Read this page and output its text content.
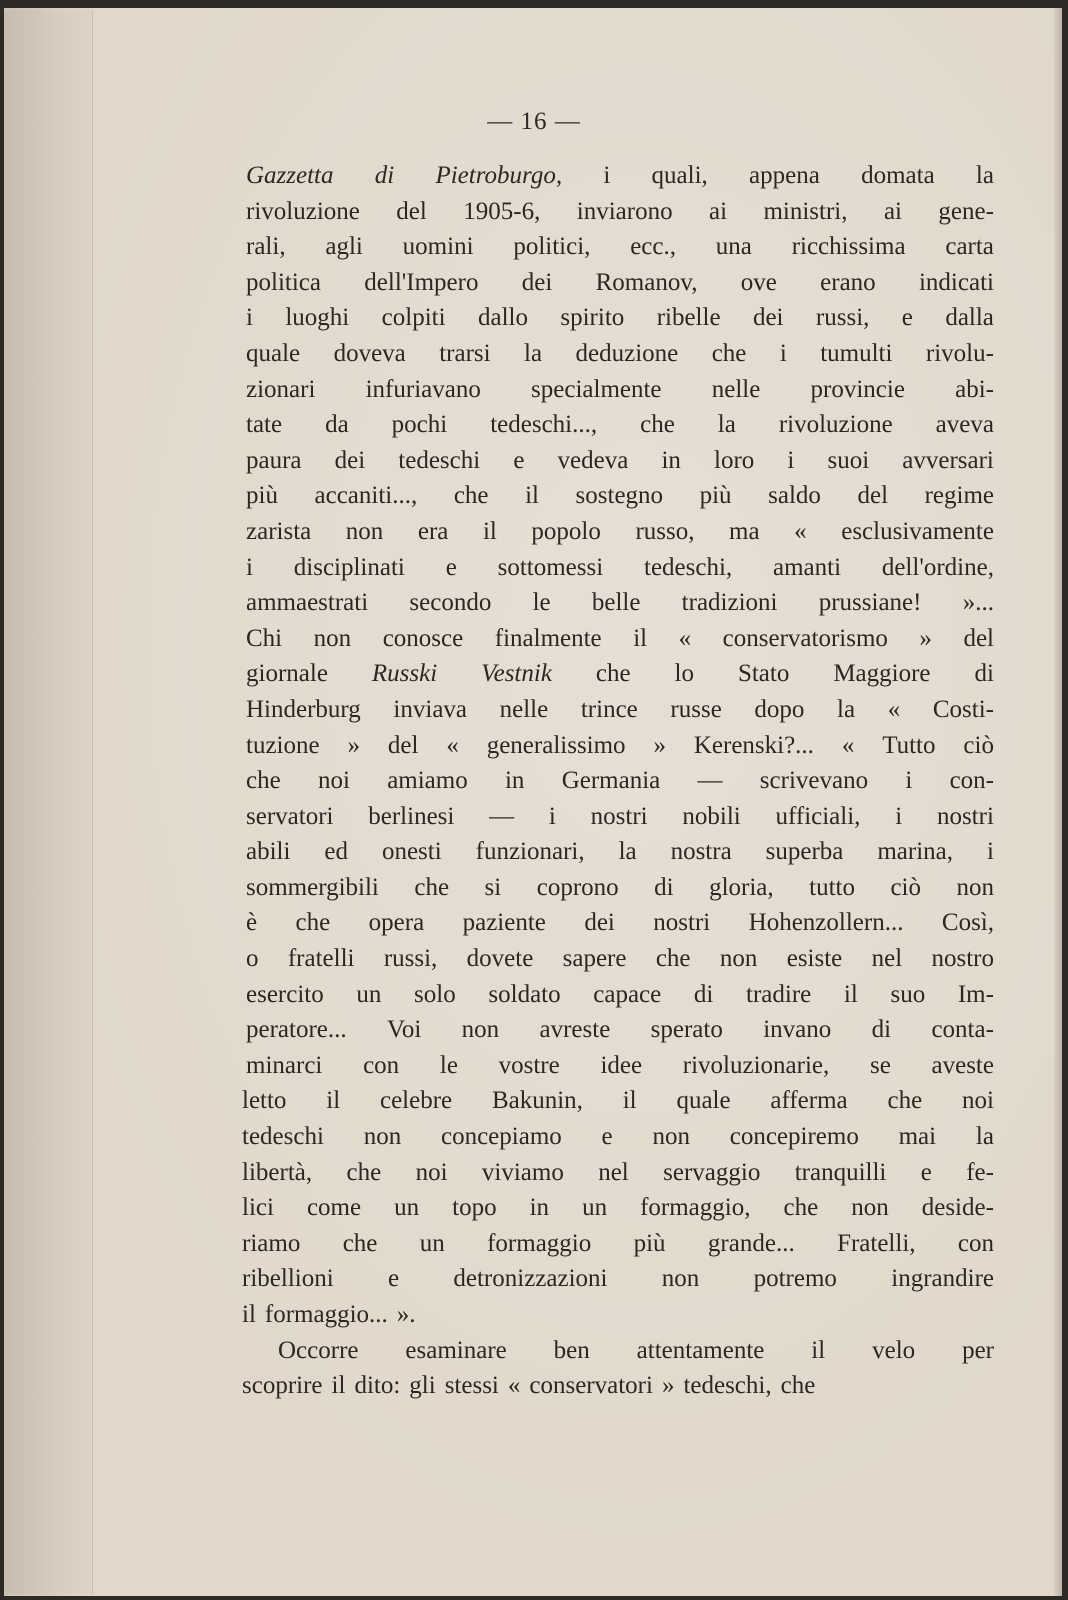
— 16 —
Gazzetta di Pietroburgo, i quali, appena domata la
rivoluzione del 1905-6, inviarono ai ministri, ai gene-
rali, agli uomini politici, ecc., una ricchissima carta
politica dell'Impero dei Romanov, ove erano indicati
i luoghi colpiti dallo spirito ribelle dei russi, e dalla
quale doveva trarsi la deduzione che i tumulti rivolu-
zionari infuriavano specialmente nelle provincie abi-
tate da pochi tedeschi..., che la rivoluzione aveva
paura dei tedeschi e vedeva in loro i suoi avversari
più accaniti..., che il sostegno più saldo del regime
zarista non era il popolo russo, ma « esclusivamente
i disciplinati e sottomessi tedeschi, amanti dell'ordine,
ammaestrati secondo le belle tradizioni prussiane! »...
Chi non conosce finalmente il « conservatorismo » del
giornale Russki Vestnik che lo Stato Maggiore di
Hinderburg inviava nelle trince russe dopo la « Costi-
tuzione » del « generalissimo » Kerenski?... « Tutto ciò
che noi amiamo in Germania — scrivevano i con-
servatori berlinesi — i nostri nobili ufficiali, i nostri
abili ed onesti funzionari, la nostra superba marina, i
sommergibili che si coprono di gloria, tutto ciò non
è che opera paziente dei nostri Hohenzollern... Così,
o fratelli russi, dovete sapere che non esiste nel nostro
esercito un solo soldato capace di tradire il suo Im-
peratore... Voi non avreste sperato invano di conta-
minarci con le vostre idee rivoluzionarie, se aveste
letto il celebre Bakunin, il quale afferma che noi
tedeschi non concepiamo e non concepiremo mai la
libertà, che noi viviamo nel servaggio tranquilli e fe-
lici come un topo in un formaggio, che non deside-
riamo che un formaggio più grande... Fratelli, con
ribellioni e detronizzazioni non potremo ingrandire
il formaggio... ».
Occorre esaminare ben attentamente il velo per
scoprire il dito: gli stessi « conservatori » tedeschi, che
